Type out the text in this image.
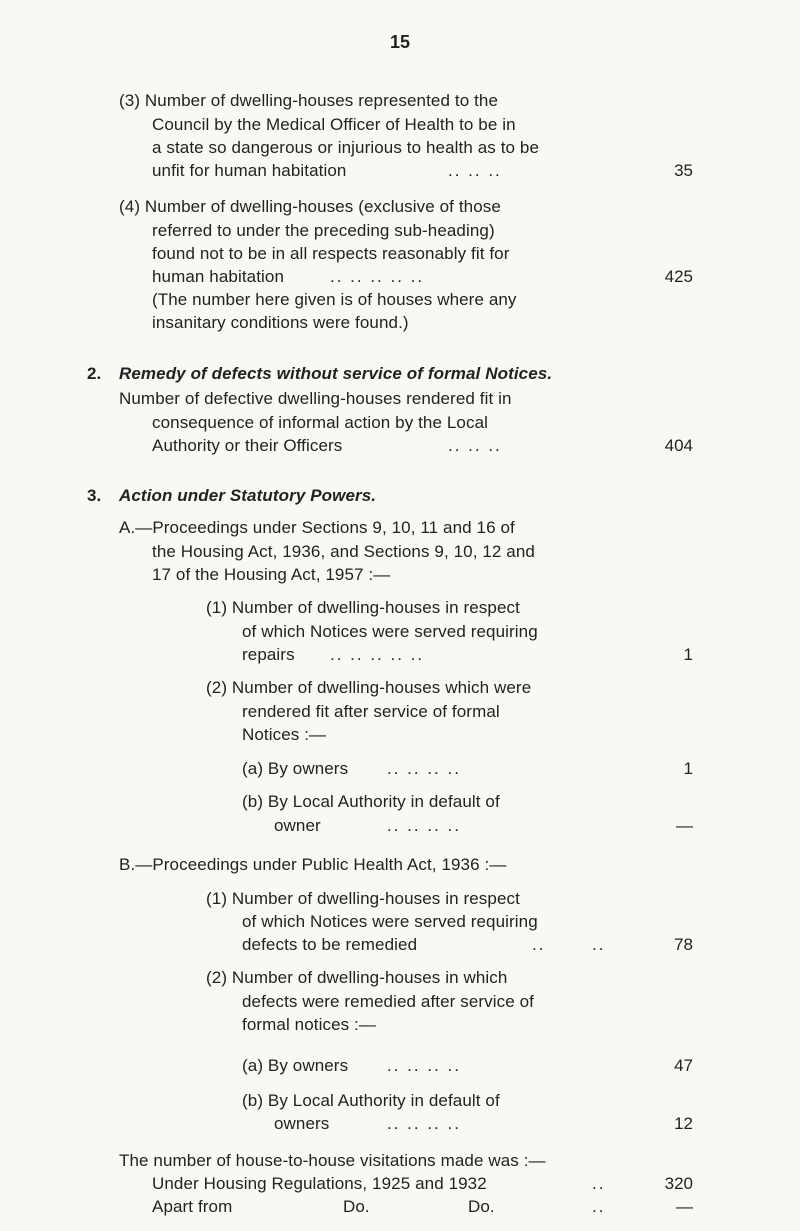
15
(3) Number of dwelling-houses represented to the
Council by the Medical Officer of Health to be in
a state so dangerous or injurious to health as to be
unfit for human habitation	.. .. ..	35
(4) Number of dwelling-houses (exclusive of those
referred to under the preceding sub-heading)
found not to be in all respects reasonably fit for
human habitation	.. .. .. .. ..	425
(The number here given is of houses where any
insanitary conditions were found.)
2. Remedy of defects without service of formal Notices.
Number of defective dwelling-houses rendered fit in
consequence of informal action by the Local
Authority or their Officers	.. .. ..	404
3. Action under Statutory Powers.
A.—Proceedings under Sections 9, 10, 11 and 16 of
the Housing Act, 1936, and Sections 9, 10, 12 and
17 of the Housing Act, 1957 :—
(1) Number of dwelling-houses in respect
of which Notices were served requiring
repairs .. .. .. .. ..	1
(2) Number of dwelling-houses which were
rendered fit after service of formal
Notices :—
(a) By owners .. .. .. ..	1
(b) By Local Authority in default of
owner	.. .. .. ..	—
B.—Proceedings under Public Health Act, 1936 :—
(1) Number of dwelling-houses in respect
of which Notices were served requiring
defects to be remedied	..	..	78
(2) Number of dwelling-houses in which
defects were remedied after service of
formal notices :—
(a) By owners .. .. .. ..	47
(b) By Local Authority in default of
owners	.. .. .. ..	12
The number of house-to-house visitations made was :—
Under Housing Regulations, 1925 and 1932	..	320
Apart from	Do.	Do.	..	—
